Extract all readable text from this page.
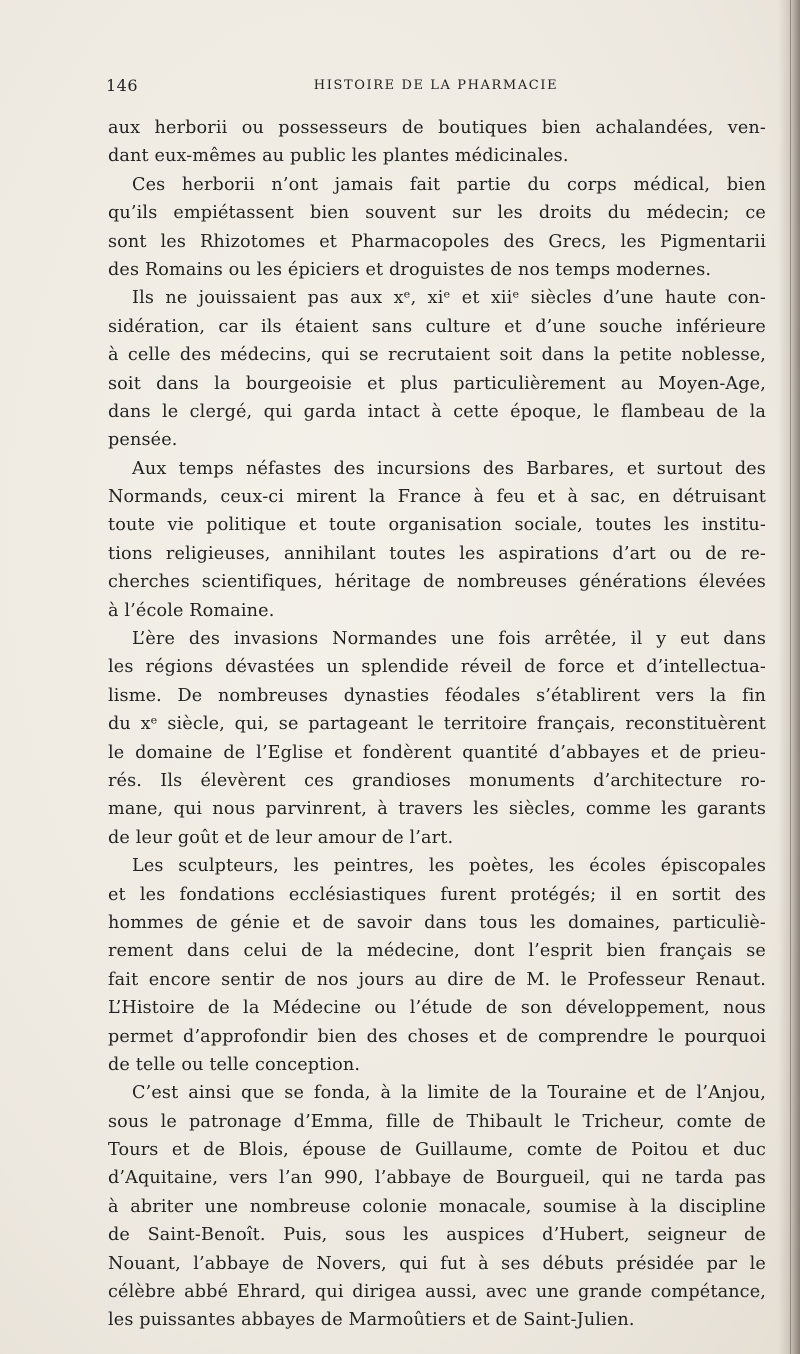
146	HISTOIRE DE LA PHARMACIE
aux herborii ou possesseurs de boutiques bien achalandées, ven-
dant eux-mêmes au public les plantes médicinales.
Ces herborii n’ont jamais fait partie du corps médical, bien
qu’ils empiétassent bien souvent sur les droits du médecin; ce
sont les Rhizotomes et Pharmacopoles des Grecs, les Pigmentarii
des Romains ou les épiciers et droguistes de nos temps modernes.
Ils ne jouissaient pas aux xᵉ, xiᵉ et xiiᵉ siècles d’une haute con-
sidération, car ils étaient sans culture et d’une souche inférieure
à celle des médecins, qui se recrutaient soit dans la petite noblesse,
soit dans la bourgeoisie et plus particulièrement au Moyen-Age,
dans le clergé, qui garda intact à cette époque, le flambeau de la
pensée.
Aux temps néfastes des incursions des Barbares, et surtout des
Normands, ceux-ci mirent la France à feu et à sac, en détruisant
toute vie politique et toute organisation sociale, toutes les institu-
tions religieuses, annihilant toutes les aspirations d’art ou de re-
cherches scientifiques, héritage de nombreuses générations élevées
à l’école Romaine.
L’ère des invasions Normandes une fois arrêtée, il y eut dans
les régions dévastées un splendide réveil de force et d’intellectua-
lisme. De nombreuses dynasties féodales s’établirent vers la fin
du xᵉ siècle, qui, se partageant le territoire français, reconstituèrent
le domaine de l’Eglise et fondèrent quantité d’abbayes et de prieu-
rés. Ils élevèrent ces grandioses monuments d’architecture ro-
mane, qui nous parvinrent, à travers les siècles, comme les garants
de leur goût et de leur amour de l’art.
Les sculpteurs, les peintres, les poètes, les écoles épiscopales
et les fondations ecclésiastiques furent protégés; il en sortit des
hommes de génie et de savoir dans tous les domaines, particuliè-
rement dans celui de la médecine, dont l’esprit bien français se
fait encore sentir de nos jours au dire de M. le Professeur Renaut.
L’Histoire de la Médecine ou l’étude de son développement, nous
permet d’approfondir bien des choses et de comprendre le pourquoi
de telle ou telle conception.
C’est ainsi que se fonda, à la limite de la Touraine et de l’Anjou,
sous le patronage d’Emma, fille de Thibault le Tricheur, comte de
Tours et de Blois, épouse de Guillaume, comte de Poitou et duc
d’Aquitaine, vers l’an 990, l’abbaye de Bourgueil, qui ne tarda pas
à abriter une nombreuse colonie monacale, soumise à la discipline
de Saint-Benoît. Puis, sous les auspices d’Hubert, seigneur de
Nouant, l’abbaye de Novers, qui fut à ses débuts présidée par le
célèbre abbé Ehrard, qui dirigea aussi, avec une grande compétance,
les puissantes abbayes de Marmoûtiers et de Saint-Julien.
